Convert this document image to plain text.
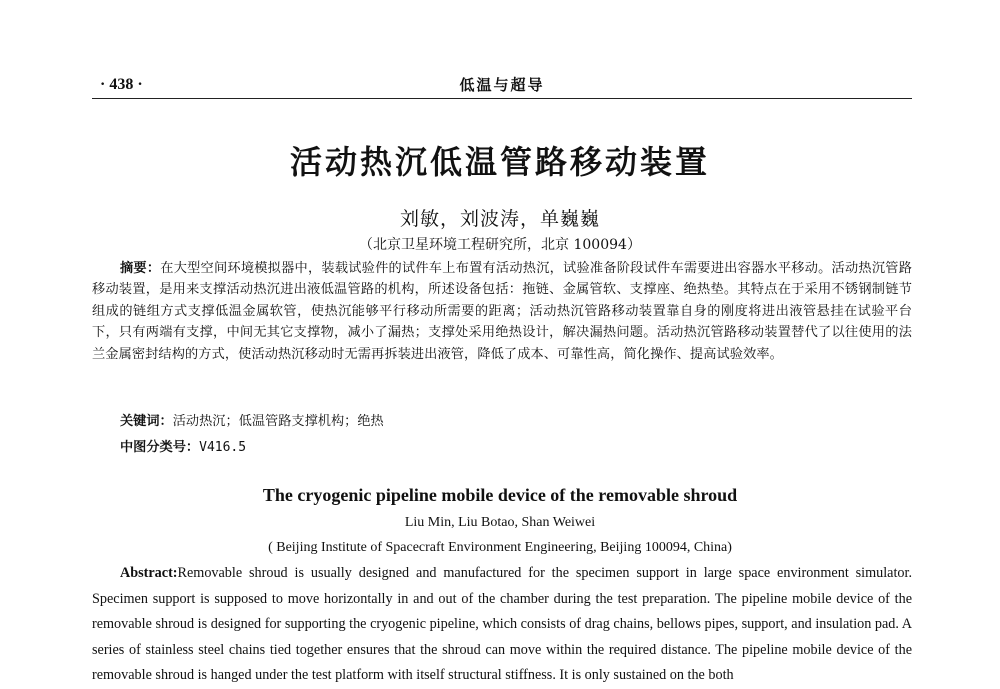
· 438 ·	低温与超导
活动热沉低温管路移动装置
刘敏，刘波涛，单巍巍
（北京卫星环境工程研究所，北京 100094）
摘要：在大型空间环境模拟器中，装载试验件的试件车上布置有活动热沉，试验准备阶段试件车需要进出容器水平移动。活动热沉管路移动装置，是用来支撑活动热沉进出液低温管路的机构，所述设备包括：拖链、金属管软、支撑座、绝热垫。其特点在于采用不锈钢制链节组成的链组方式支撑低温金属软管，使热沉能够平行移动所需要的距离；活动热沉管路移动装置靠自身的刚度将进出液管悬挂在试验平台下，只有两端有支撑，中间无其它支撑物，减小了漏热；支撑处采用绝热设计，解决漏热问题。活动热沉管路移动装置替代了以往使用的法兰金属密封结构的方式，使活动热沉移动时无需再拆装进出液管，降低了成本、可靠性高，简化操作、提高试验效率。
关键词：活动热沉；低温管路支撑机构；绝热
中图分类号：V416.5
The cryogenic pipeline mobile device of the removable shroud
Liu Min, Liu Botao, Shan Weiwei
( Beijing Institute of Spacecraft Environment Engineering, Beijing 100094, China)
Abstract:Removable shroud is usually designed and manufactured for the specimen support in large space environment simulator. Specimen support is supposed to move horizontally in and out of the chamber during the test preparation. The pipeline mobile device of the removable shroud is designed for supporting the cryogenic pipeline, which consists of drag chains, bellows pipes, support, and insulation pad. A series of stainless steel chains tied together ensures that the shroud can move within the required distance. The pipeline mobile device of the removable shroud is hanged under the test platform with itself structural stiffness. It is only sustained on the both
